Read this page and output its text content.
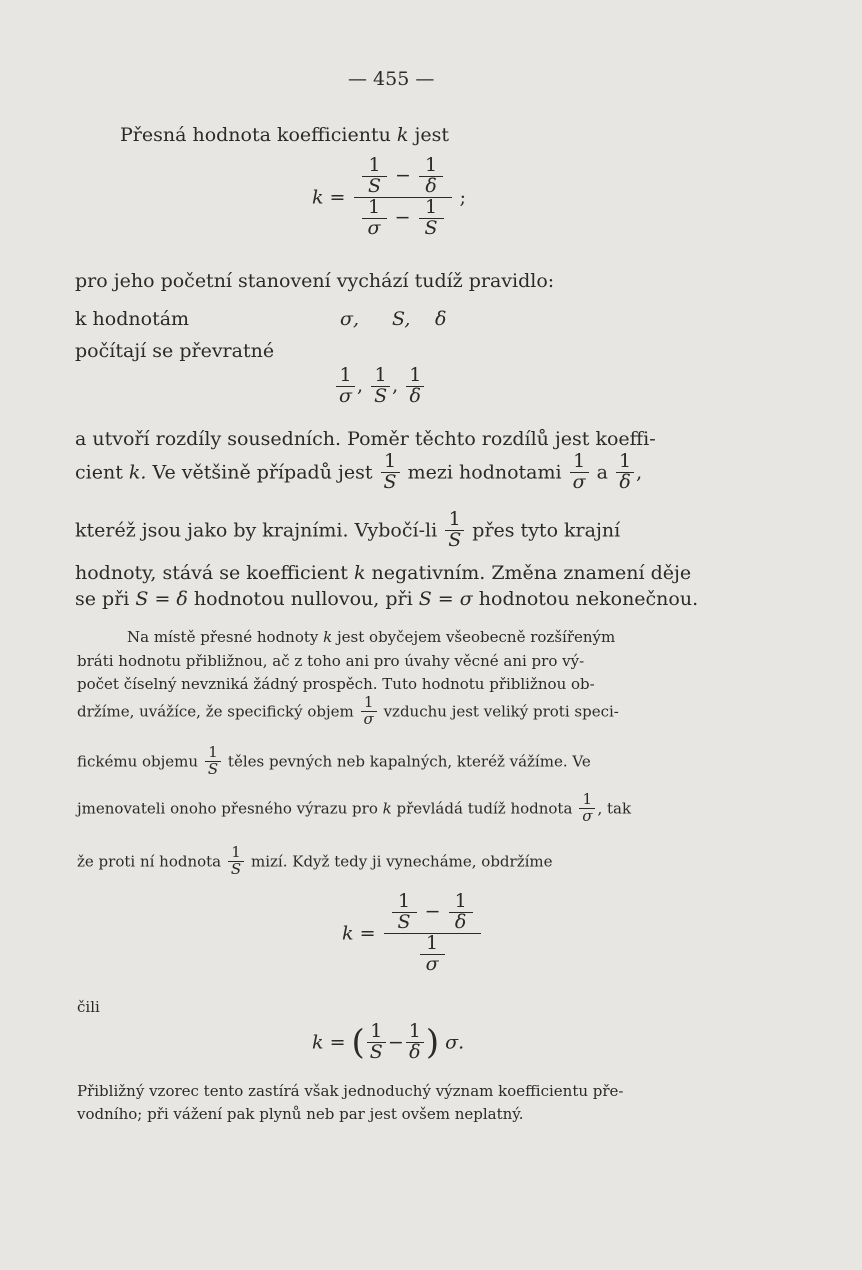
— 455 —
Přesná hodnota koefficientu k jest
$k = \frac{\frac{1}{S} - \frac{1}{\delta}}{\frac{1}{\sigma} - \frac{1}{S}}$ ;
pro jeho početní stanovení vychází tudíž pravidlo:
k hodnotám	σ, S, δ
počítají se převratné
$\frac{1}{\sigma}$ , $\frac{1}{S}$ , $\frac{1}{\delta}$
a utvoří rozdíly sousedních. Poměr těchto rozdílů jest koeffi-
cient k. Ve většině případů jest $\frac{1}{S}$ mezi hodnotami $\frac{1}{\sigma}$ a $\frac{1}{\delta}$ ,
kteréž jsou jako by krajními. Vybočí-li $\frac{1}{S}$ přes tyto krajní
hodnoty, stává se koefficient k negativním. Změna znamení děje
se při S = δ hodnotou nullovou, při S = σ hodnotou nekonečnou.
Na místě přesné hodnoty k jest obyčejem všeobecně rozšířeným
bráti hodnotu přibližnou, ač z toho ani pro úvahy věcné ani pro vý-
počet číselný nevzniká žádný prospěch. Tuto hodnotu přibližnou ob-
držíme, uvážíce, že specifický objem $\frac{1}{\sigma}$ vzduchu jest veliký proti speci-
fickému objemu $\frac{1}{S}$ těles pevných neb kapalných, kteréž vážíme. Ve
jmenovateli onoho přesného výrazu pro k převládá tudíž hodnota $\frac{1}{\sigma}$ , tak
že proti ní hodnota $\frac{1}{S}$ mizí. Když tedy ji vynecháme, obdržíme
$k = \frac{\frac{1}{S} - \frac{1}{\delta}}{\frac{1}{\sigma}}$
čili
k = ( $\frac{1}{S} - \frac{1}{\delta}$ ) σ.
Přibližný vzorec tento zastírá však jednoduchý význam koefficientu pře-
vodního; při vážení pak plynů neb par jest ovšem neplatný.
